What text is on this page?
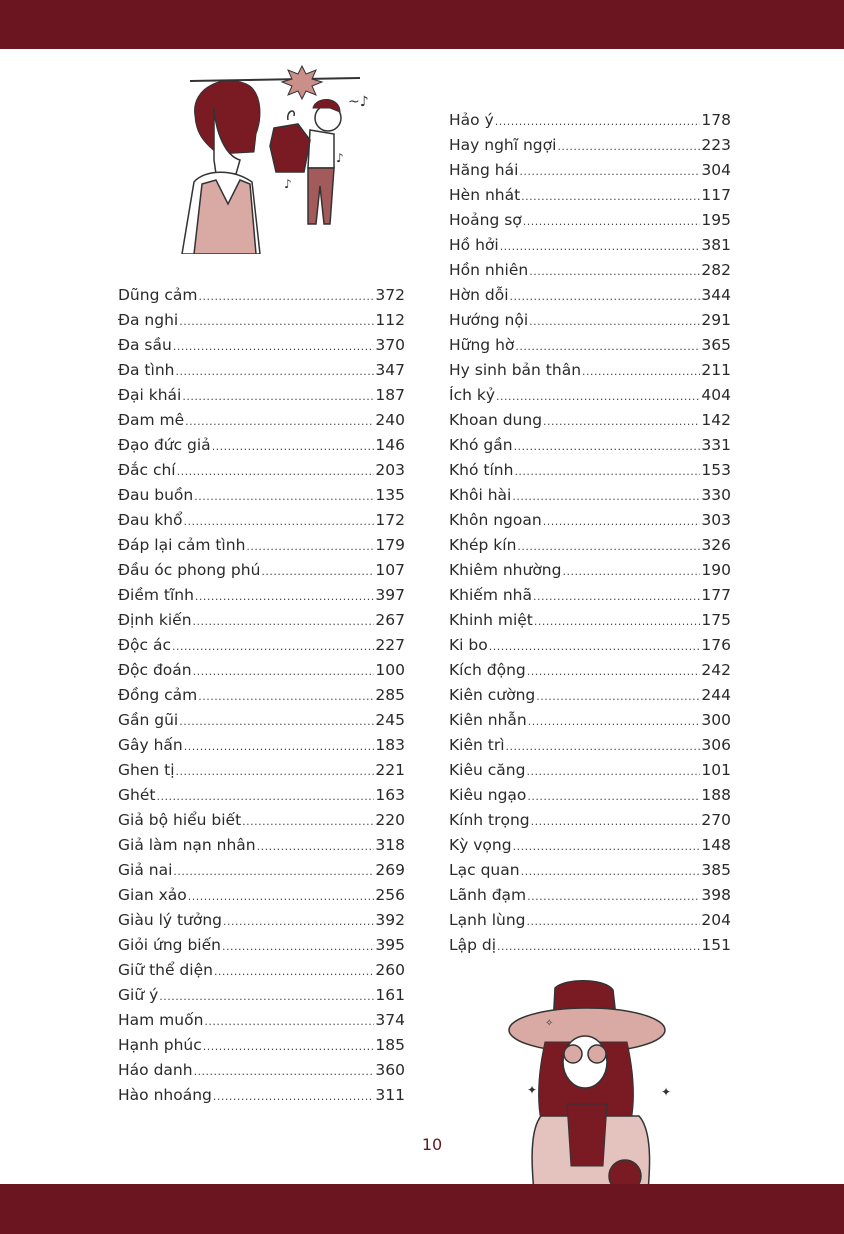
~♪
♪
♪
Dũng cảm .....	372
Đa nghi .....	112
Đa sầu .....	370
Đa tình .....	347
Đại khái .....	187
Đam mê .....	240
Đạo đức giả .....	146
Đắc chí .....	203
Đau buồn .....	135
Đau khổ .....	172
Đáp lại cảm tình .....	179
Đầu óc phong phú .....	107
Điềm tĩnh .....	397
Định kiến .....	267
Độc ác .....	227
Độc đoán .....	100
Đồng cảm .....	285
Gần gũi .....	245
Gây hấn .....	183
Ghen tị .....	221
Ghét .....	163
Giả bộ hiểu biết .....	220
Giả làm nạn nhân .....	318
Giả nai .....	269
Gian xảo .....	256
Giàu lý tưởng .....	392
Giỏi ứng biến .....	395
Giữ thể diện .....	260
Giữ ý .....	161
Ham muốn .....	374
Hạnh phúc .....	185
Háo danh .....	360
Hào nhoáng .....	311
Hảo ý .....	178
Hay nghĩ ngợi .....	223
Hăng hái .....	304
Hèn nhát .....	117
Hoảng sợ .....	195
Hồ hởi .....	381
Hồn nhiên .....	282
Hờn dỗi .....	344
Hướng nội .....	291
Hững hờ .....	365
Hy sinh bản thân .....	211
Ích kỷ .....	404
Khoan dung .....	142
Khó gần .....	331
Khó tính .....	153
Khôi hài .....	330
Khôn ngoan .....	303
Khép kín .....	326
Khiêm nhường .....	190
Khiếm nhã .....	177
Khinh miệt .....	175
Ki bo .....	176
Kích động .....	242
Kiên cường .....	244
Kiên nhẫn .....	300
Kiên trì .....	306
Kiêu căng .....	101
Kiêu ngạo .....	188
Kính trọng .....	270
Kỳ vọng .....	148
Lạc quan .....	385
Lãnh đạm .....	398
Lạnh lùng .....	204
Lập dị .....	151
✦	✦
✧
10
